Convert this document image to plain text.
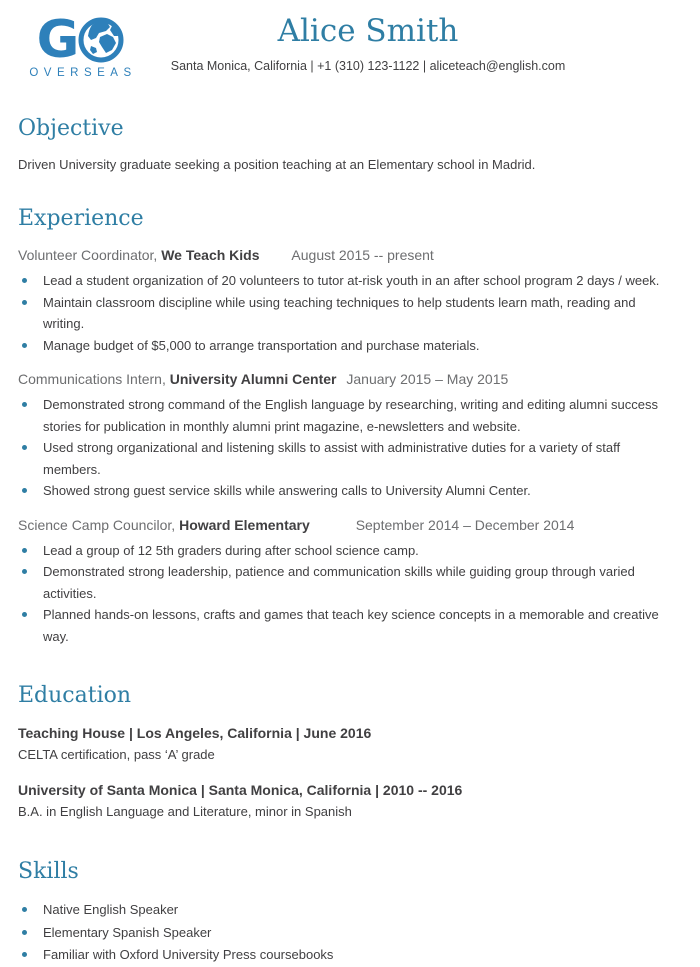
G
OVERSEAS
Alice Smith
Santa Monica, California | +1 (310) 123-1122 | aliceteach@english.com
Objective

Driven University graduate seeking a position teaching at an Elementary school in Madrid.

Experience

Volunteer Coordinator, We Teach Kids August 2015 -- present

Lead a student organization of 20 volunteers to tutor at-risk youth in an after school program 2 days / week.
Maintain classroom discipline while using teaching techniques to help students learn math, reading and writing.
Manage budget of $5,000 to arrange transportation and purchase materials.

Communications Intern, University Alumni Center January 2015 – May 2015

Demonstrated strong command of the English language by researching, writing and editing alumni success stories for publication in monthly alumni print magazine, e-newsletters and website.
Used strong organizational and listening skills to assist with administrative duties for a variety of staff members.
Showed strong guest service skills while answering calls to University Alumni Center.

Science Camp Councilor, Howard Elementary	September 2014 – December 2014

Lead a group of 12 5th graders during after school science camp.
Demonstrated strong leadership, patience and communication skills while guiding group through varied activities.
Planned hands-on lessons, crafts and games that teach key science concepts in a memorable and creative way.
Education

Teaching House | Los Angeles, California | June 2016

CELTA certification, pass ‘A’ grade

University of Santa Monica | Santa Monica, California | 2010 -- 2016

B.A. in English Language and Literature, minor in Spanish

Skills
Native English Speaker
Elementary Spanish Speaker
Familiar with Oxford University Press coursebooks
